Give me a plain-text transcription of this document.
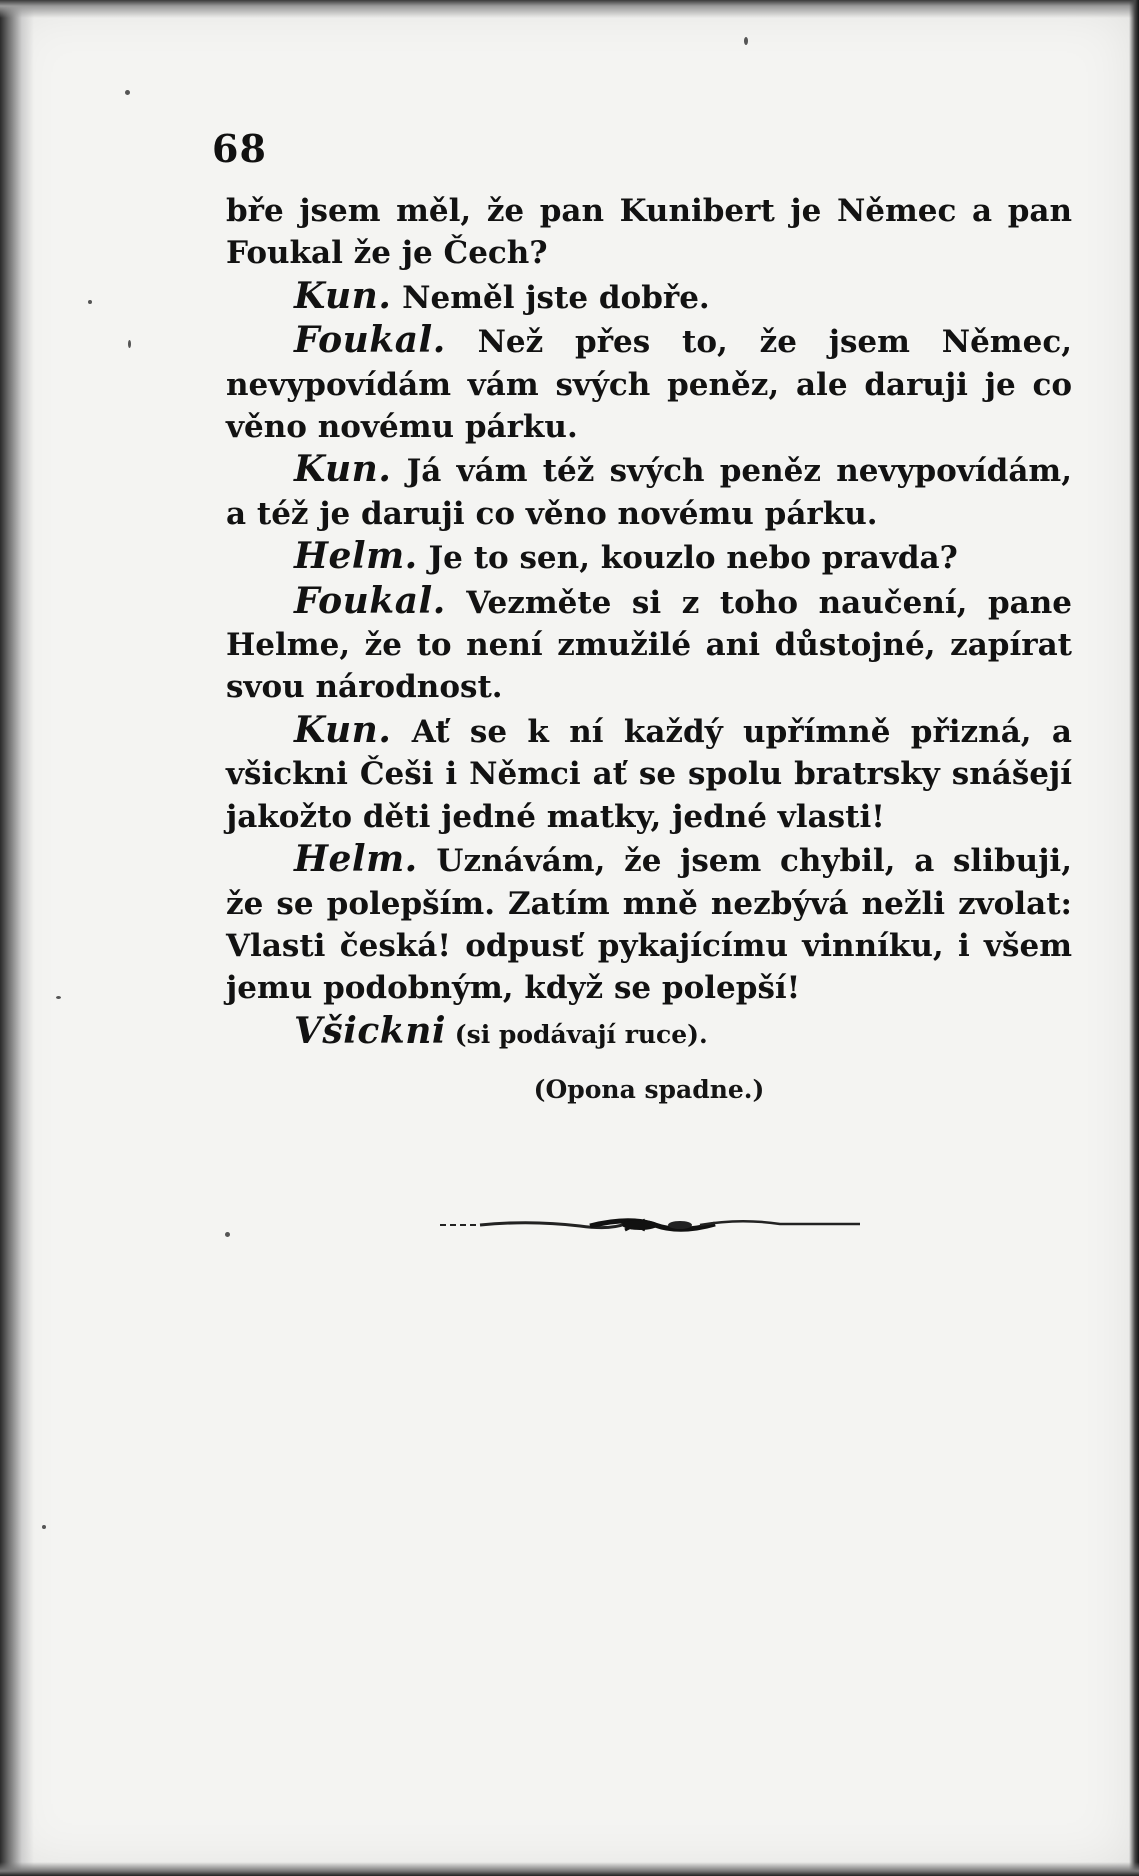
68

bře jsem měl, že pan Kunibert je Němec a pan Foukal že je Čech?

Kun. Neměl jste dobře.

Foukal. Než přes to, že jsem Němec, nevypovídám vám svých peněz, ale daruji je co věno novému párku.

Kun. Já vám též svých peněz nevypovídám, a též je daruji co věno novému párku.

Helm. Je to sen, kouzlo nebo pravda?

Foukal. Vezměte si z toho naučení, pane Helme, že to není zmužilé ani důstojné, zapírat svou národnost.

Kun. Ať se k ní každý upřímně přizná, a všickni Češi i Němci ať se spolu bratrsky snášejí jakožto děti jedné matky, jedné vlasti!

Helm. Uznávám, že jsem chybil, a slibuji, že se polepším. Zatím mně nezbývá nežli zvolat: Vlasti česká! odpusť pykajícímu vinníku, i všem jemu podobným, když se polepší!

Všickni (si podávají ruce).

(Opona spadne.)
